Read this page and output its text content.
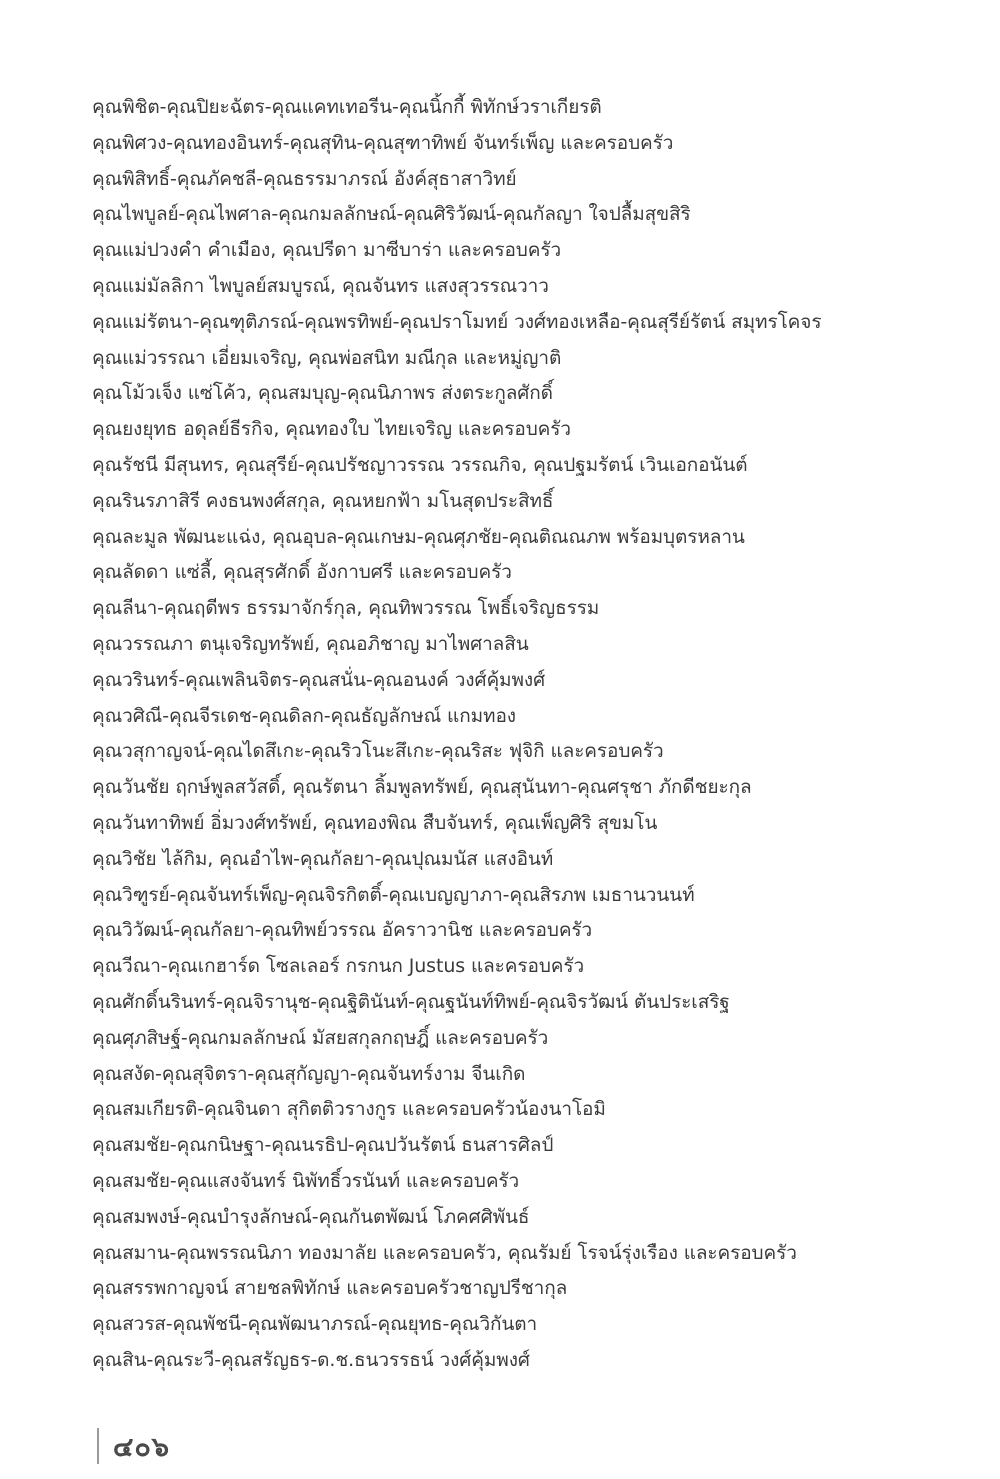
คุณพิชิต-คุณปิยะฉัตร-คุณแคทเทอรีน-คุณนิ้กกี้ พิทักษ์วราเกียรติ
คุณพิศวง-คุณทองอินทร์-คุณสุทิน-คุณสุฑาทิพย์ จันทร์เพ็ญ และครอบครัว
คุณพิสิทธิ์-คุณภัคชลี-คุณธรรมาภรณ์ อังค์สุธาสาวิทย์
คุณไพบูลย์-คุณไพศาล-คุณกมลลักษณ์-คุณศิริวัฒน์-คุณกัลญา ใจปลื้มสุขสิริ
คุณแม่ปวงคำ คำเมือง, คุณปรีดา มาซีบาร่า และครอบครัว
คุณแม่มัลลิกา ไพบูลย์สมบูรณ์, คุณจันทร แสงสุวรรณวาว
คุณแม่รัตนา-คุณฑุติภรณ์-คุณพรทิพย์-คุณปราโมทย์ วงศ์ทองเหลือ-คุณสุรีย์รัตน์ สมุทรโคจร
คุณแม่วรรณา เอี่ยมเจริญ, คุณพ่อสนิท มณีกุล และหมู่ญาติ
คุณโม้วเจ็ง แซ่โค้ว, คุณสมบุญ-คุณนิภาพร ส่งตระกูลศักดิ์
คุณยงยุทธ อดุลย์ธีรกิจ, คุณทองใบ ไทยเจริญ และครอบครัว
คุณรัชนี มีสุนทร, คุณสุรีย์-คุณปรัชญาวรรณ วรรณกิจ, คุณปฐมรัตน์ เวินเอกอนันต์
คุณรินรภาสิรี คงธนพงศ์สกุล, คุณหยกฟ้า มโนสุดประสิทธิ์
คุณละมูล พัฒนะแฉ่ง, คุณอุบล-คุณเกษม-คุณศุภชัย-คุณติณณภพ พร้อมบุตรหลาน
คุณลัดดา แซ่ลี้, คุณสุรศักดิ์ อังกาบศรี และครอบครัว
คุณลีนา-คุณฤดีพร ธรรมาจักร์กุล, คุณทิพวรรณ โพธิ์เจริญธรรม
คุณวรรณภา ตนุเจริญทรัพย์, คุณอภิชาญ มาไพศาลสิน
คุณวรินทร์-คุณเพลินจิตร-คุณสนั่น-คุณอนงค์ วงศ์คุ้มพงศ์
คุณวศิณี-คุณจีรเดช-คุณดิลก-คุณธัญลักษณ์ แกมทอง
คุณวสุกาญจน์-คุณไดสึเกะ-คุณริวโนะสึเกะ-คุณริสะ ฟุจิกิ และครอบครัว
คุณวันชัย ฤกษ์พูลสวัสดิ์, คุณรัตนา ลิ้มพูลทรัพย์, คุณสุนันทา-คุณศรุชา ภักดีชยะกุล
คุณวันทาทิพย์ อิ่มวงศ์ทรัพย์, คุณทองพิณ สืบจันทร์, คุณเพ็ญศิริ สุขมโน
คุณวิชัย ไล้กิม, คุณอำไพ-คุณกัลยา-คุณปุณมนัส แสงอินท์
คุณวิฑูรย์-คุณจันทร์เพ็ญ-คุณจิรกิตติ์-คุณเบญญาภา-คุณสิรภพ เมธานวนนท์
คุณวิวัฒน์-คุณกัลยา-คุณทิพย์วรรณ อัคราวานิช และครอบครัว
คุณวีณา-คุณเกฮาร์ด โซลเลอร์ กรกนก Justus และครอบครัว
คุณศักดิ์นรินทร์-คุณจิรานุช-คุณฐิตินันท์-คุณฐนันท์ทิพย์-คุณจิรวัฒน์ ตันประเสริฐ
คุณศุภสิษฐ์-คุณกมลลักษณ์ มัสยสกุลกฤษฎิ์ และครอบครัว
คุณสงัด-คุณสุจิตรา-คุณสุกัญญา-คุณจันทร์งาม จีนเกิด
คุณสมเกียรติ-คุณจินดา สุกิตติวรางกูร และครอบครัวน้องนาโอมิ
คุณสมชัย-คุณกนิษฐา-คุณนรธิป-คุณปวันรัตน์ ธนสารศิลป์
คุณสมชัย-คุณแสงจันทร์ นิพัทธิ์วรนันท์ และครอบครัว
คุณสมพงษ์-คุณบำรุงลักษณ์-คุณกันตพัฒน์ โภคศศิพันธ์
คุณสมาน-คุณพรรณนิภา ทองมาลัย และครอบครัว, คุณรัมย์ โรจน์รุ่งเรือง และครอบครัว
คุณสรรพกาญจน์ สายชลพิทักษ์ และครอบครัวชาญปรีชากุล
คุณสวรส-คุณพัชนี-คุณพัฒนาภรณ์-คุณยุทธ-คุณวิกันตา
คุณสิน-คุณระวี-คุณสรัญธร-ด.ช.ธนวรรธน์ วงศ์คุ้มพงศ์
๔๐๖
